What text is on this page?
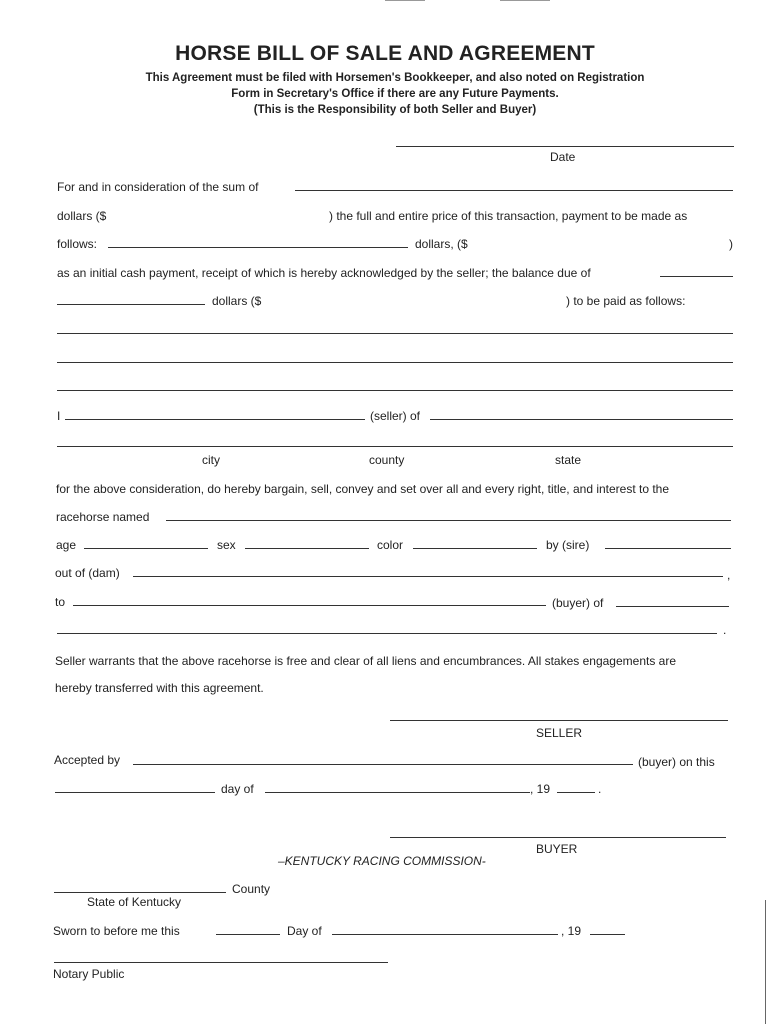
HORSE BILL OF SALE AND AGREEMENT
This Agreement must be filed with Horsemen's Bookkeeper, and also noted on Registration
Form in Secretary's Office if there are any Future Payments.
(This is the Responsibility of both Seller and Buyer)
Date
For and in consideration of the sum of
dollars ($	) the full and entire price of this transaction, payment to be made as
follows:	dollars, ($	)
as an initial cash payment, receipt of which is hereby acknowledged by the seller; the balance due of
dollars ($	) to be paid as follows:
I	(seller) of
city	county	state
for the above consideration, do hereby bargain, sell, convey and set over all and every right, title, and interest to the
racehorse named
age	sex	color	by (sire)
out of (dam)	,
to	(buyer) of
.
Seller warrants that the above racehorse is free and clear of all liens and encumbrances. All stakes engagements are
hereby transferred with this agreement.
SELLER
Accepted by	(buyer) on this
day of	, 19	.
BUYER
–KENTUCKY RACING COMMISSION-
County
State of Kentucky
Sworn to before me this	Day of	, 19
Notary Public
